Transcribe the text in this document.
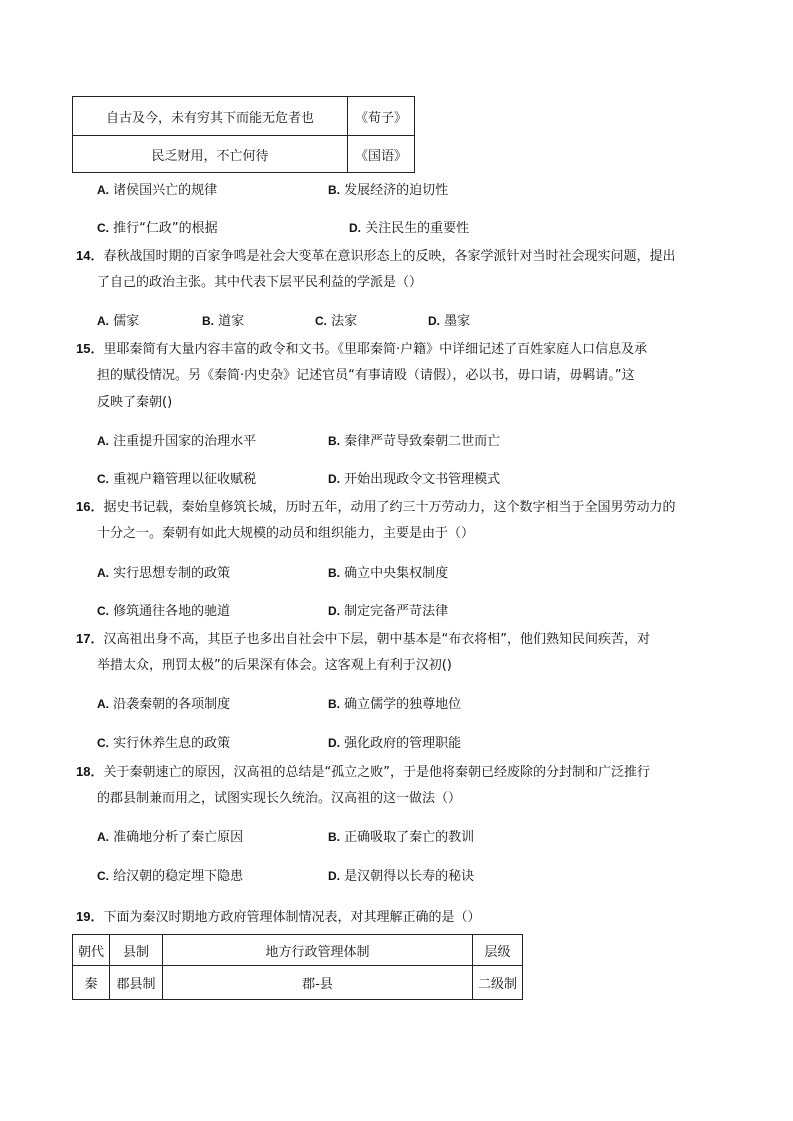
自古及今，未有穷其下而能无危者也	《荀子》
民乏财用，不亡何待	《国语》
A. 诸侯国兴亡的规律	B. 发展经济的迫切性
C. 推行“仁政”的根据	D. 关注民生的重要性
14．春秋战国时期的百家争鸣是社会大变革在意识形态上的反映，各家学派针对当时社会现实问题，提出
了自己的政治主张。其中代表下层平民利益的学派是（）
A. 儒家	B. 道家	C. 法家	D. 墨家
15．里耶秦简有大量内容丰富的政令和文书。《里耶秦简·户籍》中详细记述了百姓家庭人口信息及承
担的赋役情况。另《秦简·内史杂》记述官员“有事请殴（请假），必以书，毋口请，毋羁请。”这
反映了秦朝()
A. 注重提升国家的治理水平	B. 秦律严苛导致秦朝二世而亡
C. 重视户籍管理以征收赋税	D. 开始出现政令文书管理模式
16．据史书记载，秦始皇修筑长城，历时五年，动用了约三十万劳动力，这个数字相当于全国男劳动力的
十分之一。秦朝有如此大规模的动员和组织能力，主要是由于（）
A. 实行思想专制的政策	B. 确立中央集权制度
C. 修筑通往各地的驰道	D. 制定完备严苛法律
17．汉高祖出身不高，其臣子也多出自社会中下层，朝中基本是“布衣将相”，他们熟知民间疾苦，对
举措太众，刑罚太极”的后果深有体会。这客观上有利于汉初()
A. 沿袭秦朝的各项制度	B. 确立儒学的独尊地位
C. 实行休养生息的政策	D. 强化政府的管理职能
18．关于秦朝速亡的原因，汉高祖的总结是“孤立之败”，于是他将秦朝已经废除的分封制和广泛推行
的郡县制兼而用之，试图实现长久统治。汉高祖的这一做法（）
A. 准确地分析了秦亡原因	B. 正确吸取了秦亡的教训
C. 给汉朝的稳定埋下隐患	D. 是汉朝得以长寿的秘诀
19．下面为秦汉时期地方政府管理体制情况表，对其理解正确的是（）
朝代	县制	地方行政管理体制	层级
秦	郡县制	郡-县	二级制
